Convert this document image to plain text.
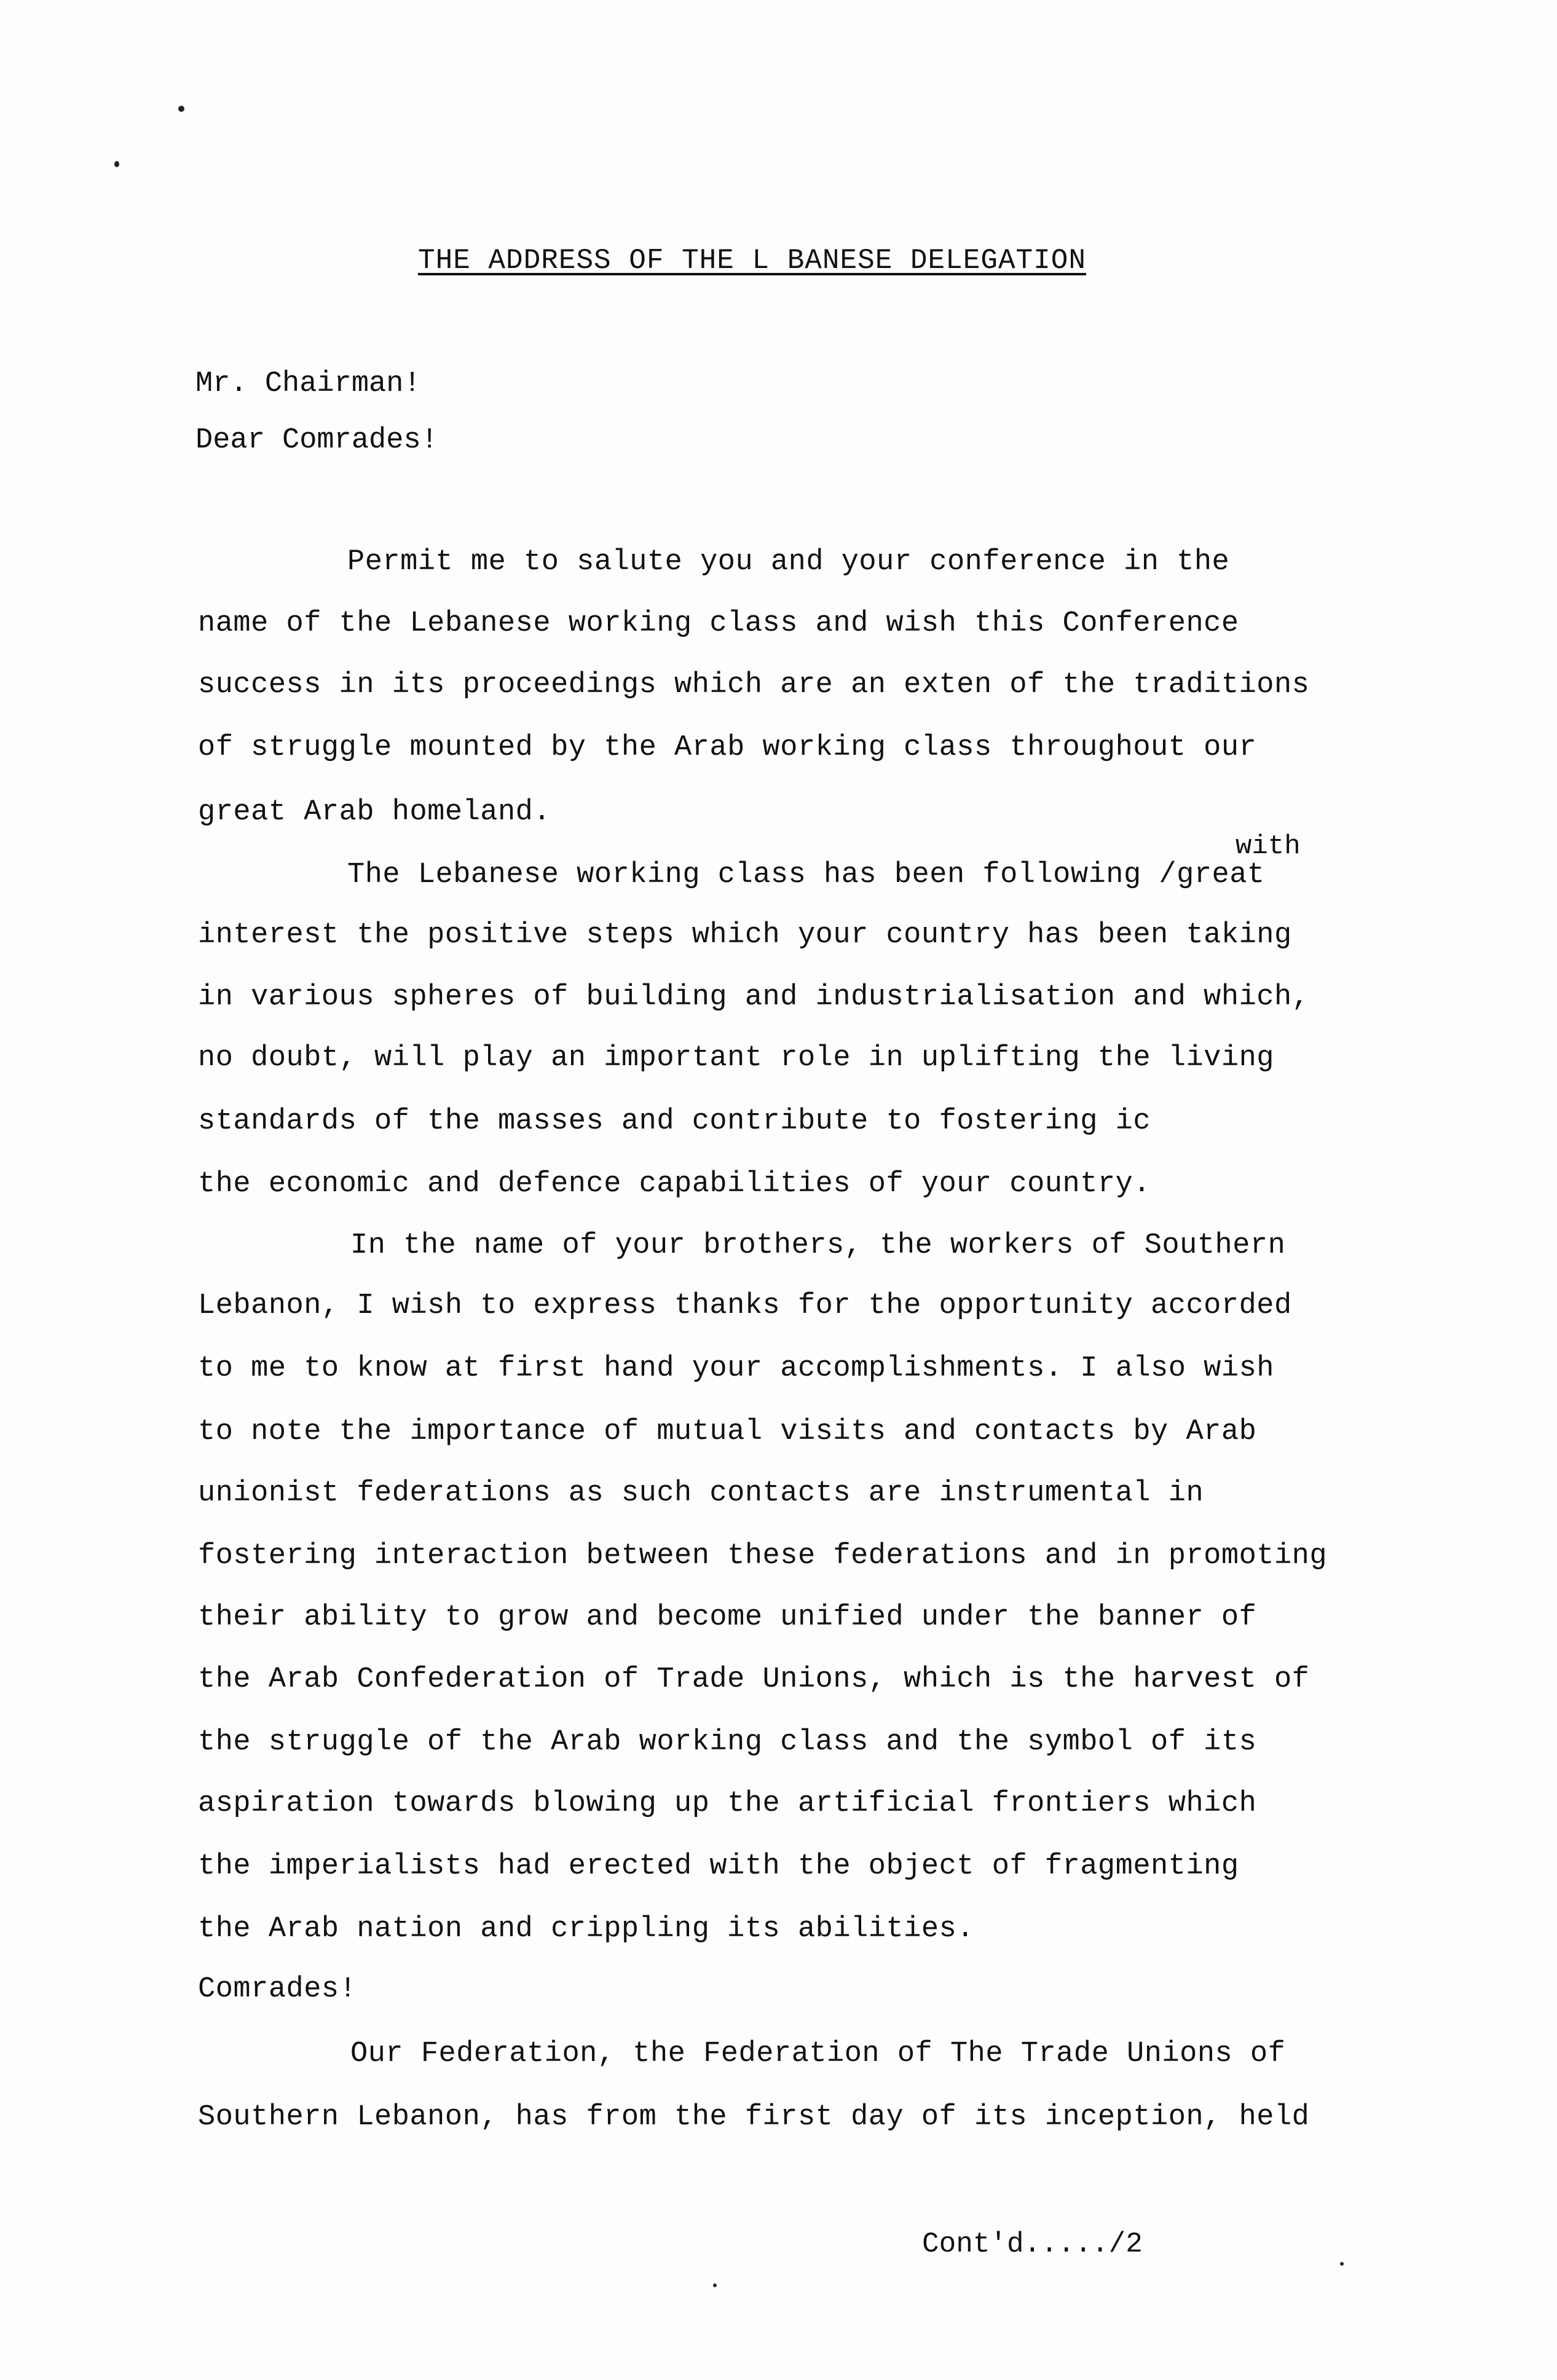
THE ADDRESS OF THE L BANESE DELEGATION
Mr. Chairman!
Dear Comrades!
Permit me to salute you and your conference in the
name of the Lebanese working class and wish this Conference
success in its proceedings which are an exten of the traditions
of struggle mounted by the Arab working class throughout our
great Arab homeland.
with
The Lebanese working class has been following /great
interest the positive steps which your country has been taking
in various spheres of building and industrialisation and which,
no doubt, will play an important role in uplifting the living
standards of the masses and contribute to fostering ic
the economic and defence capabilities of your country.
In the name of your brothers, the workers of Southern
Lebanon, I wish to express thanks for the opportunity accorded
to me to know at first hand your accomplishments. I also wish
to note the importance of mutual visits and contacts by Arab
unionist federations as such contacts are instrumental in
fostering interaction between these federations and in promoting
their ability to grow and become unified under the banner of
the Arab Confederation of Trade Unions, which is the harvest of
the struggle of the Arab working class and the symbol of its
aspiration towards blowing up the artificial frontiers which
the imperialists had erected with the object of fragmenting
the Arab nation and crippling its abilities.
Comrades!
Our Federation, the Federation of The Trade Unions of
Southern Lebanon, has from the first day of its inception, held
Cont'd...../2
